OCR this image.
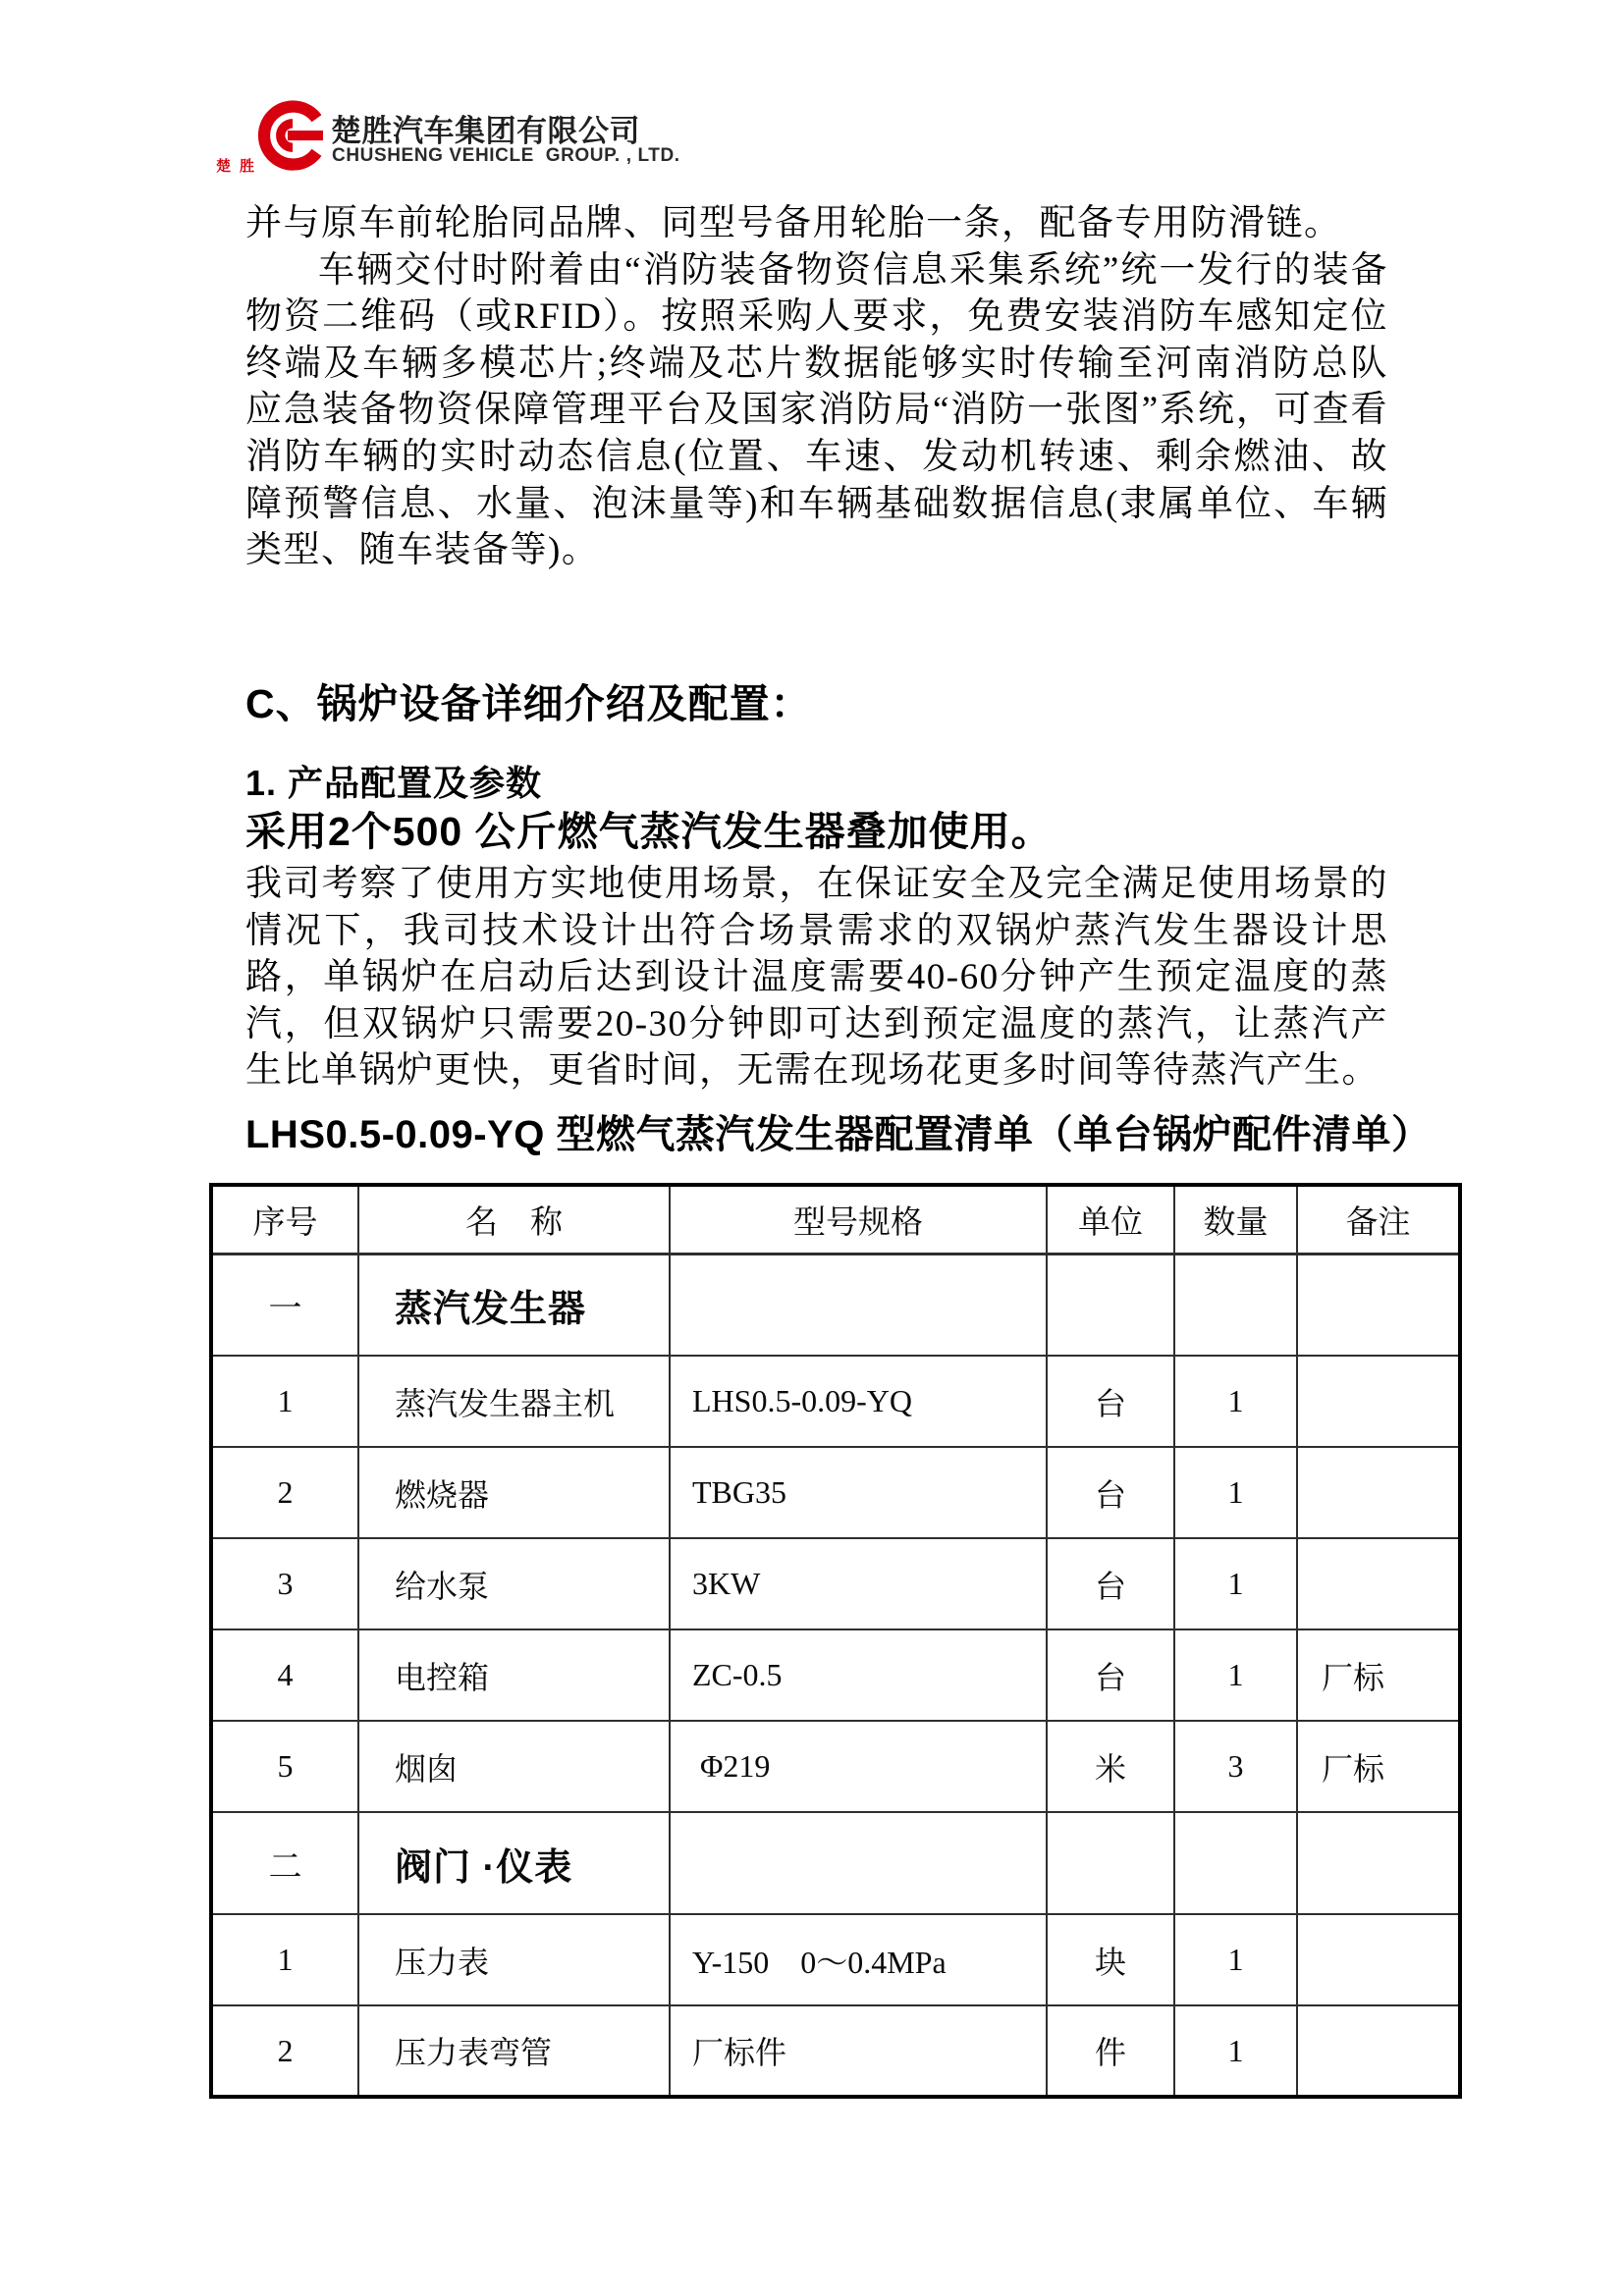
楚胜
楚胜汽车集团有限公司
CHUSHENG VEHICLE  GROUP. , LTD.
并与原车前轮胎同品牌、同型号备用轮胎一条，配备专用防滑链。
车辆交付时附着由“消防装备物资信息采集系统”统一发行的装备物资二维码（或RFID）。按照采购人要求，免费安装消防车感知定位终端及车辆多模芯片;终端及芯片数据能够实时传输至河南消防总队应急装备物资保障管理平台及国家消防局“消防一张图”系统，可查看消防车辆的实时动态信息(位置、车速、发动机转速、剩余燃油、故障预警信息、水量、泡沫量等)和车辆基础数据信息(隶属单位、车辆类型、随车装备等)。
C、锅炉设备详细介绍及配置：
1. 产品配置及参数
采用2个500 公斤燃气蒸汽发生器叠加使用。
我司考察了使用方实地使用场景，在保证安全及完全满足使用场景的情况下，我司技术设计出符合场景需求的双锅炉蒸汽发生器设计思路，单锅炉在启动后达到设计温度需要40-60分钟产生预定温度的蒸汽，但双锅炉只需要20-30分钟即可达到预定温度的蒸汽，让蒸汽产生比单锅炉更快，更省时间，无需在现场花更多时间等待蒸汽产生。
LHS0.5-0.09-YQ 型燃气蒸汽发生器配置清单（单台锅炉配件清单）
序号	名　称	型号规格	单位	数量	备注
一	蒸汽发生器				
1	蒸汽发生器主机	LHS0.5-0.09-YQ	台	1	
2	燃烧器	TBG35	台	1	
3	给水泵	3KW	台	1	
4	电控箱	ZC-0.5	台	1	厂标
5	烟囱	Φ219	米	3	厂标
二	阀门 ·仪表				
1	压力表	Y-150    0～0.4MPa	块	1	
2	压力表弯管	厂标件	件	1	
